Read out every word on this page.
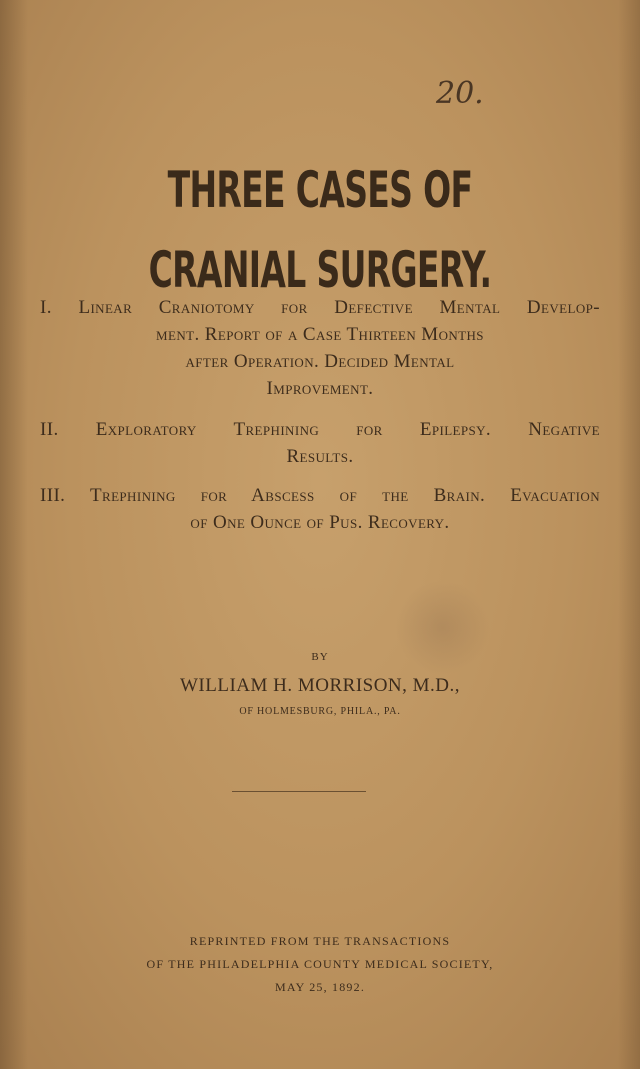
20.

THREE CASES OF CRANIAL SURGERY.
I. Linear Craniotomy for Defective Mental Develop-
ment. Report of a Case Thirteen Months
after Operation. Decided Mental
Improvement.
II. Exploratory Trephining for Epilepsy. Negative
Results.
III. Trephining for Abscess of the Brain. Evacuation
of One Ounce of Pus. Recovery.

BY

WILLIAM H. MORRISON, M.D.,

OF HOLMESBURG, PHILA., PA.

REPRINTED FROM THE TRANSACTIONS
OF THE PHILADELPHIA COUNTY MEDICAL SOCIETY,
MAY 25, 1892.
